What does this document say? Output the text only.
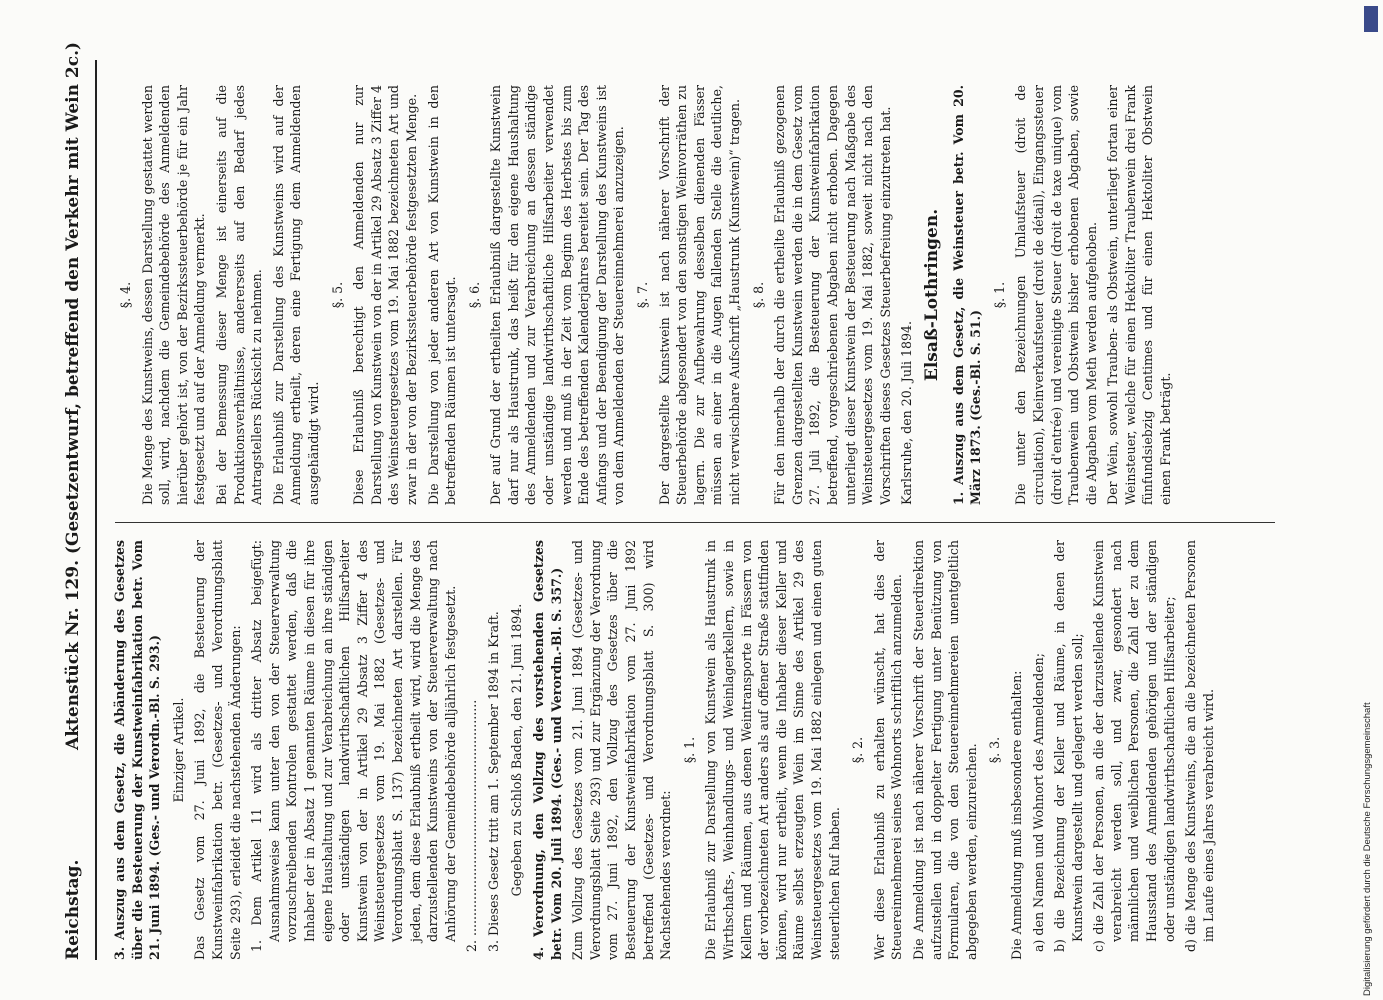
Reichstag.
Aktenstück Nr. 129. (Gesetzentwurf, betreffend den Verkehr mit Wein 2c.) 3. Auszug aus dem Gesetz, die Abänderung des Gesetzes über die Besteuerung der Kunstweinfabrikation betr. Vom 21. Juni 1894. (Ges.- und Verordn.-Bl. S. 293.) Einziger Artikel. Das Gesetz vom 27. Juni 1892, die Besteuerung der Kunstweinfabrikation betr. (Gesetzes- und Verordnungsblatt Seite 293), erleidet die nachstehenden Änderungen: 1. Dem Artikel 11 wird als dritter Absatz beigefügt: Ausnahmsweise kann unter den von der Steuerverwaltung vorzuschreibenden Kontrolen gestattet werden, daß die Inhaber der in Absatz 1 genannten Räume in diesen für ihre eigene Haushaltung und zur Verabreichung an ihre ständigen oder unständigen landwirthschaftlichen Hilfsarbeiter Kunstwein von der in Artikel 29 Absatz 3 Ziffer 4 des Weinsteuergesetzes vom 19. Mai 1882 (Gesetzes- und Verordnungsblatt S. 137) bezeichneten Art darstellen. Für jeden, dem diese Erlaubniß ertheilt wird, wird die Menge des darzustellenden Kunstweins von der Steuerverwaltung nach Anhörung der Gemeindebehörde alljährlich festgesetzt. 2. ........................................................... 3. Dieses Gesetz tritt am 1. September 1894 in Kraft. Gegeben zu Schloß Baden, den 21. Juni 1894. 4. Verordnung, den Vollzug des vorstehenden Gesetzes betr. Vom 20. Juli 1894. (Ges.- und Verordn.-Bl. S. 357.) Zum Vollzug des Gesetzes vom 21. Juni 1894 (Gesetzes- und Verordnungsblatt Seite 293) und zur Ergänzung der Verordnung vom 27. Juni 1892, den Vollzug des Gesetzes über die Besteuerung der Kunstweinfabrikation vom 27. Juni 1892 betreffend (Gesetzes- und Verordnungsblatt S. 300) wird Nachstehendes verordnet:

§. 1. Die Erlaubniß zur Darstellung von Kunstwein als Haustrunk in Wirthschafts-, Weinhandlungs- und Weinlagerkellern, sowie in Kellern und Räumen, aus denen Weintransporte in Fässern von der vorbezeichneten Art anders als auf offener Straße stattfinden können, wird nur ertheilt, wenn die Inhaber dieser Keller und Räume selbst erzeugten Wein im Sinne des Artikel 29 des Weinsteuergesetzes vom 19. Mai 1882 einlegen und einen guten steuerlichen Ruf haben.

§. 2. Wer diese Erlaubniß zu erhalten wünscht, hat dies der Steuereinnehmerei seines Wohnorts schriftlich anzumelden. Die Anmeldung ist nach näherer Vorschrift der Steuerdirektion aufzustellen und in doppelter Fertigung unter Benützung von Formularen, die von den Steuereinnehmereien unentgeltlich abgegeben werden, einzureichen. §. 3. Die Anmeldung muß insbesondere enthalten: a) den Namen und Wohnort des Anmeldenden; b) die Bezeichnung der Keller und Räume, in denen der Kunstwein dargestellt und gelagert werden soll; c) die Zahl der Personen, an die der darzustellende Kunstwein verabreicht werden soll, und zwar, gesondert nach männlichen und weiblichen Personen, die Zahl der zu dem Hausstand des Anmeldenden gehörigen und der ständigen oder unständigen landwirthschaftlichen Hilfsarbeiter; d) die Menge des Kunstweins, die an die bezeichneten Personen im Laufe eines Jahres verabreicht wird.

§. 4. Die Menge des Kunstweins, dessen Darstellung gestattet werden soll, wird, nachdem die Gemeindebehörde des Anmeldenden hierüber gehört ist, von der Bezirkssteuerbehörde je für ein Jahr festgesetzt und auf der Anmeldung vermerkt. Bei der Bemessung dieser Menge ist einerseits auf die Produktionsverhältnisse, andererseits auf den Bedarf jedes Antragstellers Rücksicht zu nehmen. Die Erlaubniß zur Darstellung des Kunstweins wird auf der Anmeldung ertheilt, deren eine Fertigung dem Anmeldenden ausgehändigt wird.

§. 5. Diese Erlaubniß berechtigt den Anmeldenden nur zur Darstellung von Kunstwein von der in Artikel 29 Absatz 3 Ziffer 4 des Weinsteuergesetzes vom 19. Mai 1882 bezeichneten Art und zwar in der von der Bezirkssteuerbehörde festgesetzten Menge. Die Darstellung von jeder anderen Art von Kunstwein in den betreffenden Räumen ist untersagt. §. 6. Der auf Grund der ertheilten Erlaubniß dargestellte Kunstwein darf nur als Haustrunk, das heißt für den eigene Haushaltung des Anmeldenden und zur Verabreichung an dessen ständige oder unständige landwirthschaftliche Hilfsarbeiter verwendet werden und muß in der Zeit vom Beginn des Herbstes bis zum Ende des betreffenden Kalenderjahres bereitet sein. Der Tag des Anfangs und der Beendigung der Darstellung des Kunstweins ist von dem Anmeldenden der Steuereinnehmerei anzuzeigen. §. 7. Der dargestellte Kunstwein ist nach näherer Vorschrift der Steuerbehörde abgesondert von den sonstigen Weinvorräthen zu lagern. Die zur Aufbewahrung desselben dienenden Fässer müssen an einer in die Augen fallenden Stelle die deutliche, nicht verwischbare Aufschrift „Haustrunk (Kunstwein)“ tragen. §. 8. Für den innerhalb der durch die ertheilte Erlaubniß gezogenen Grenzen dargestellten Kunstwein werden die in dem Gesetz vom 27. Juli 1892, die Besteuerung der Kunstweinfabrikation betreffend, vorgeschriebenen Abgaben nicht erhoben. Dagegen unterliegt dieser Kunstwein der Besteuerung nach Maßgabe des Weinsteuergesetzes vom 19. Mai 1882, soweit nicht nach den Vorschriften dieses Gesetzes Steuerbefreiung einzutreten hat. Karlsruhe, den 20. Juli 1894.

Elsaß-Lothringen. 1. Auszug aus dem Gesetz, die Weinsteuer betr. Vom 20. März 1873. (Ges.-Bl. S. 51.)

§. 1. Die unter den Bezeichnungen Umlaufsteuer (droit de circulation), Kleinverkaufsteuer (droit de détail), Eingangssteuer (droit d'entrée) und vereinigte Steuer (droit de taxe unique) vom Traubenwein und Obstwein bisher erhobenen Abgaben, sowie die Abgaben vom Meth werden aufgehoben. Der Wein, sowohl Trauben- als Obstwein, unterliegt fortan einer Weinsteuer, welche für einen Hektoliter Traubenwein drei Frank fünfundsiebzig Centimes und für einen Hektoliter Obstwein einen Frank beträgt.

Digitalisierung gefördert durch die Deutsche Forschungsgemeinschaft
